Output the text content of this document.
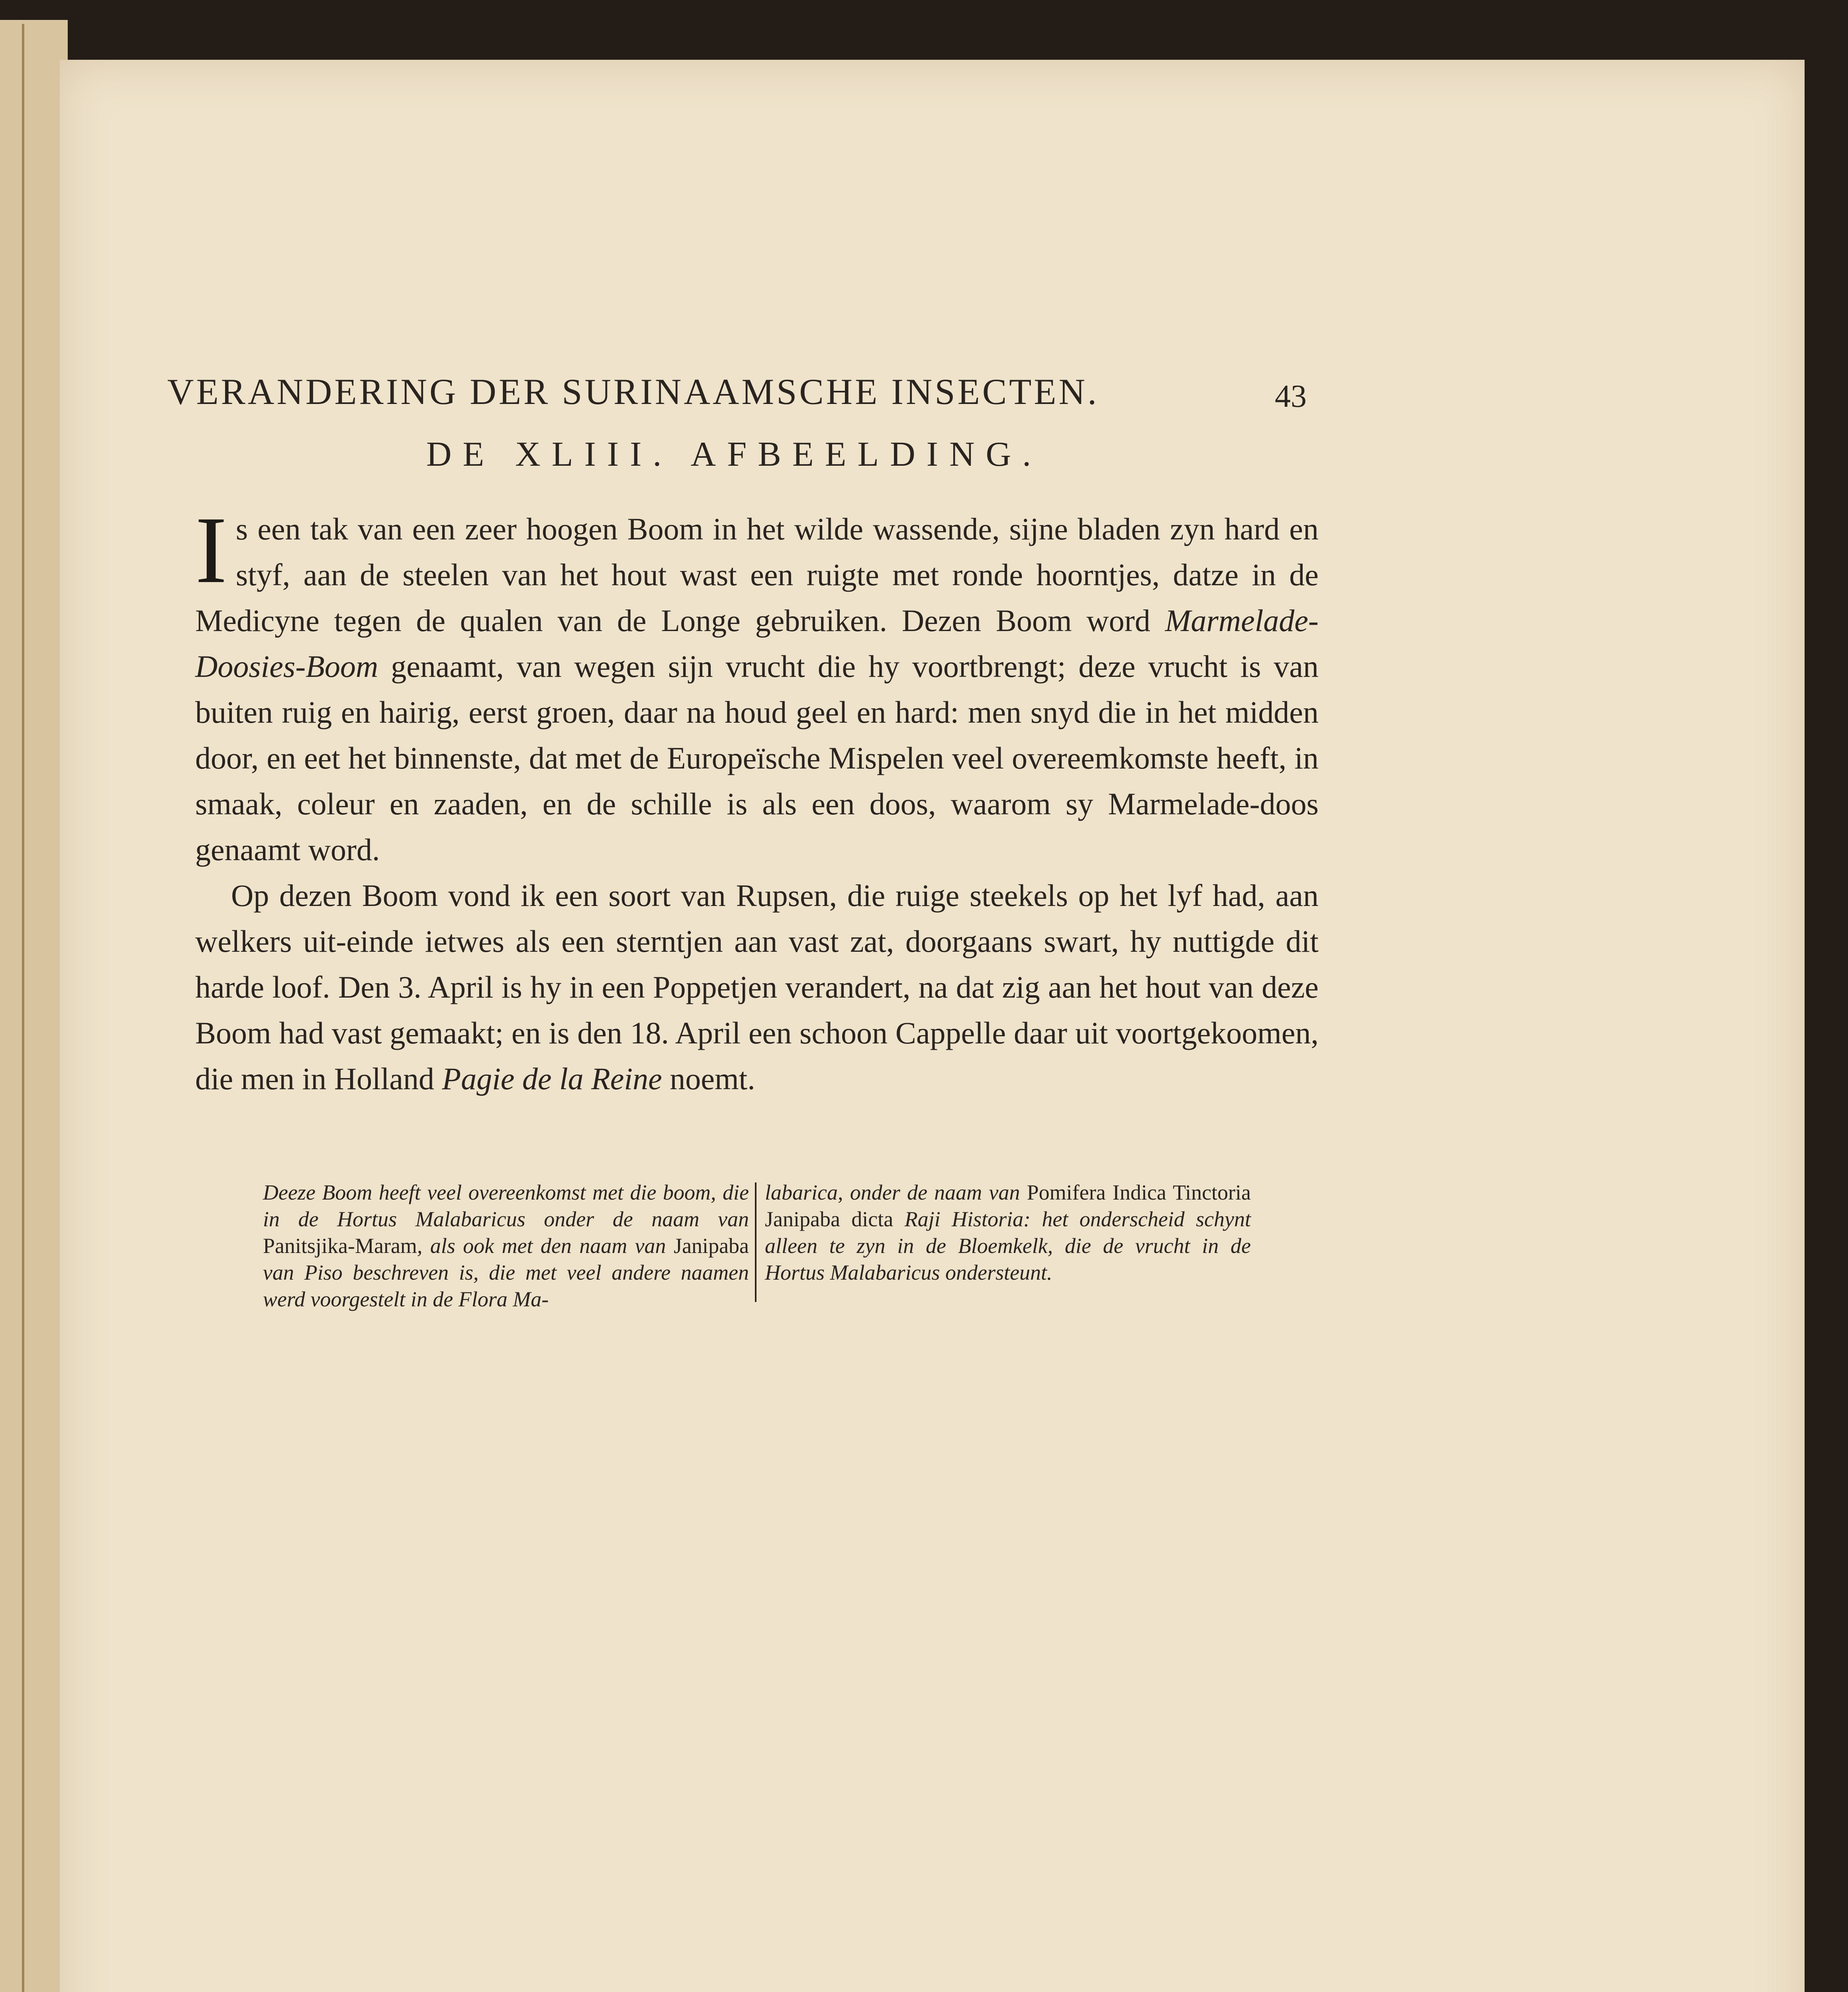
VERANDERING DER SURINAAMSCHE INSECTEN.	43
DE XLIII. AFBEELDING.

Is een tak van een zeer hoogen Boom in het wilde wassende, sijne bladen zyn hard en styf, aan de steelen van het hout wast een ruigte met ronde hoorntjes, datze in de Medicyne tegen de qualen van de Longe gebruiken. Dezen Boom word Marmelade-Doosies-Boom genaamt, van wegen sijn vrucht die hy voortbrengt; deze vrucht is van buiten ruig en hairig, eerst groen, daar na houd geel en hard: men snyd die in het midden door, en eet het binnenste, dat met de Europeïsche Mispelen veel overeemkomste heeft, in smaak, coleur en zaaden, en de schille is als een doos, waarom sy Marmelade-doos genaamt word.

Op dezen Boom vond ik een soort van Rupsen, die ruige steekels op het lyf had, aan welkers uit-einde ietwes als een sterntjen aan vast zat, doorgaans swart, hy nuttigde dit harde loof. Den 3. April is hy in een Poppetjen verandert, na dat zig aan het hout van deze Boom had vast gemaakt; en is den 18. April een schoon Cappelle daar uit voortgekoomen, die men in Holland Pagie de la Reine noemt.

Deeze Boom heeft veel overeenkomst met die boom, die in de Hortus Malabaricus onder de naam van Panitsjika-Maram, als ook met den naam van Janipaba van Piso beschreven is, die met veel andere naamen werd voorgestelt in de Flora Ma-
labarica, onder de naam van Pomifera Indica Tinctoria Janipaba dicta Raji Historia: het onderscheid schynt alleen te zyn in de Bloemkelk, die de vrucht in de Hortus Malabaricus ondersteunt.
